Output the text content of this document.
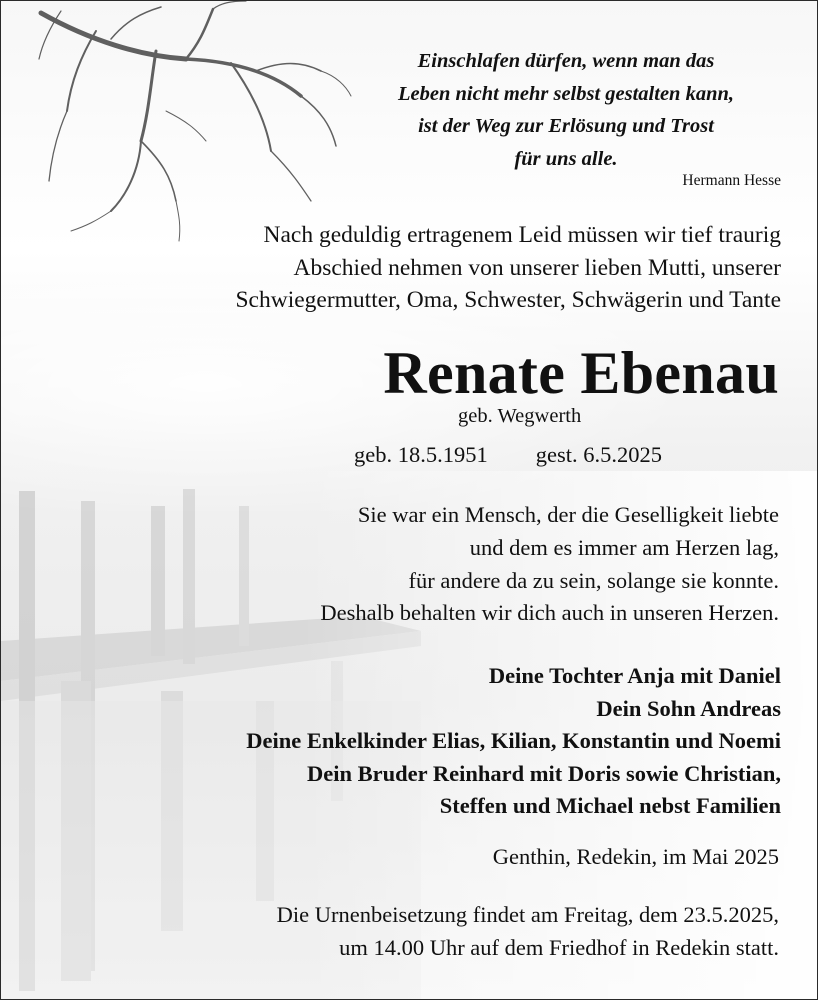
Einschlafen dürfen, wenn man das
Leben nicht mehr selbst gestalten kann,
ist der Weg zur Erlösung und Trost
für uns alle.
Hermann Hesse
Nach geduldig ertragenem Leid müssen wir tief traurig
Abschied nehmen von unserer lieben Mutti, unserer
Schwiegermutter, Oma, Schwester, Schwägerin und Tante
Renate Ebenau
geb. Wegwerth
geb. 18.5.1951 gest. 6.5.2025
Sie war ein Mensch, der die Geselligkeit liebte
und dem es immer am Herzen lag,
für andere da zu sein, solange sie konnte.
Deshalb behalten wir dich auch in unseren Herzen.
Deine Tochter Anja mit Daniel
Dein Sohn Andreas
Deine Enkelkinder Elias, Kilian, Konstantin und Noemi
Dein Bruder Reinhard mit Doris sowie Christian,
Steffen und Michael nebst Familien
Genthin, Redekin, im Mai 2025
Die Urnenbeisetzung findet am Freitag, dem 23.5.2025,
um 14.00 Uhr auf dem Friedhof in Redekin statt.
